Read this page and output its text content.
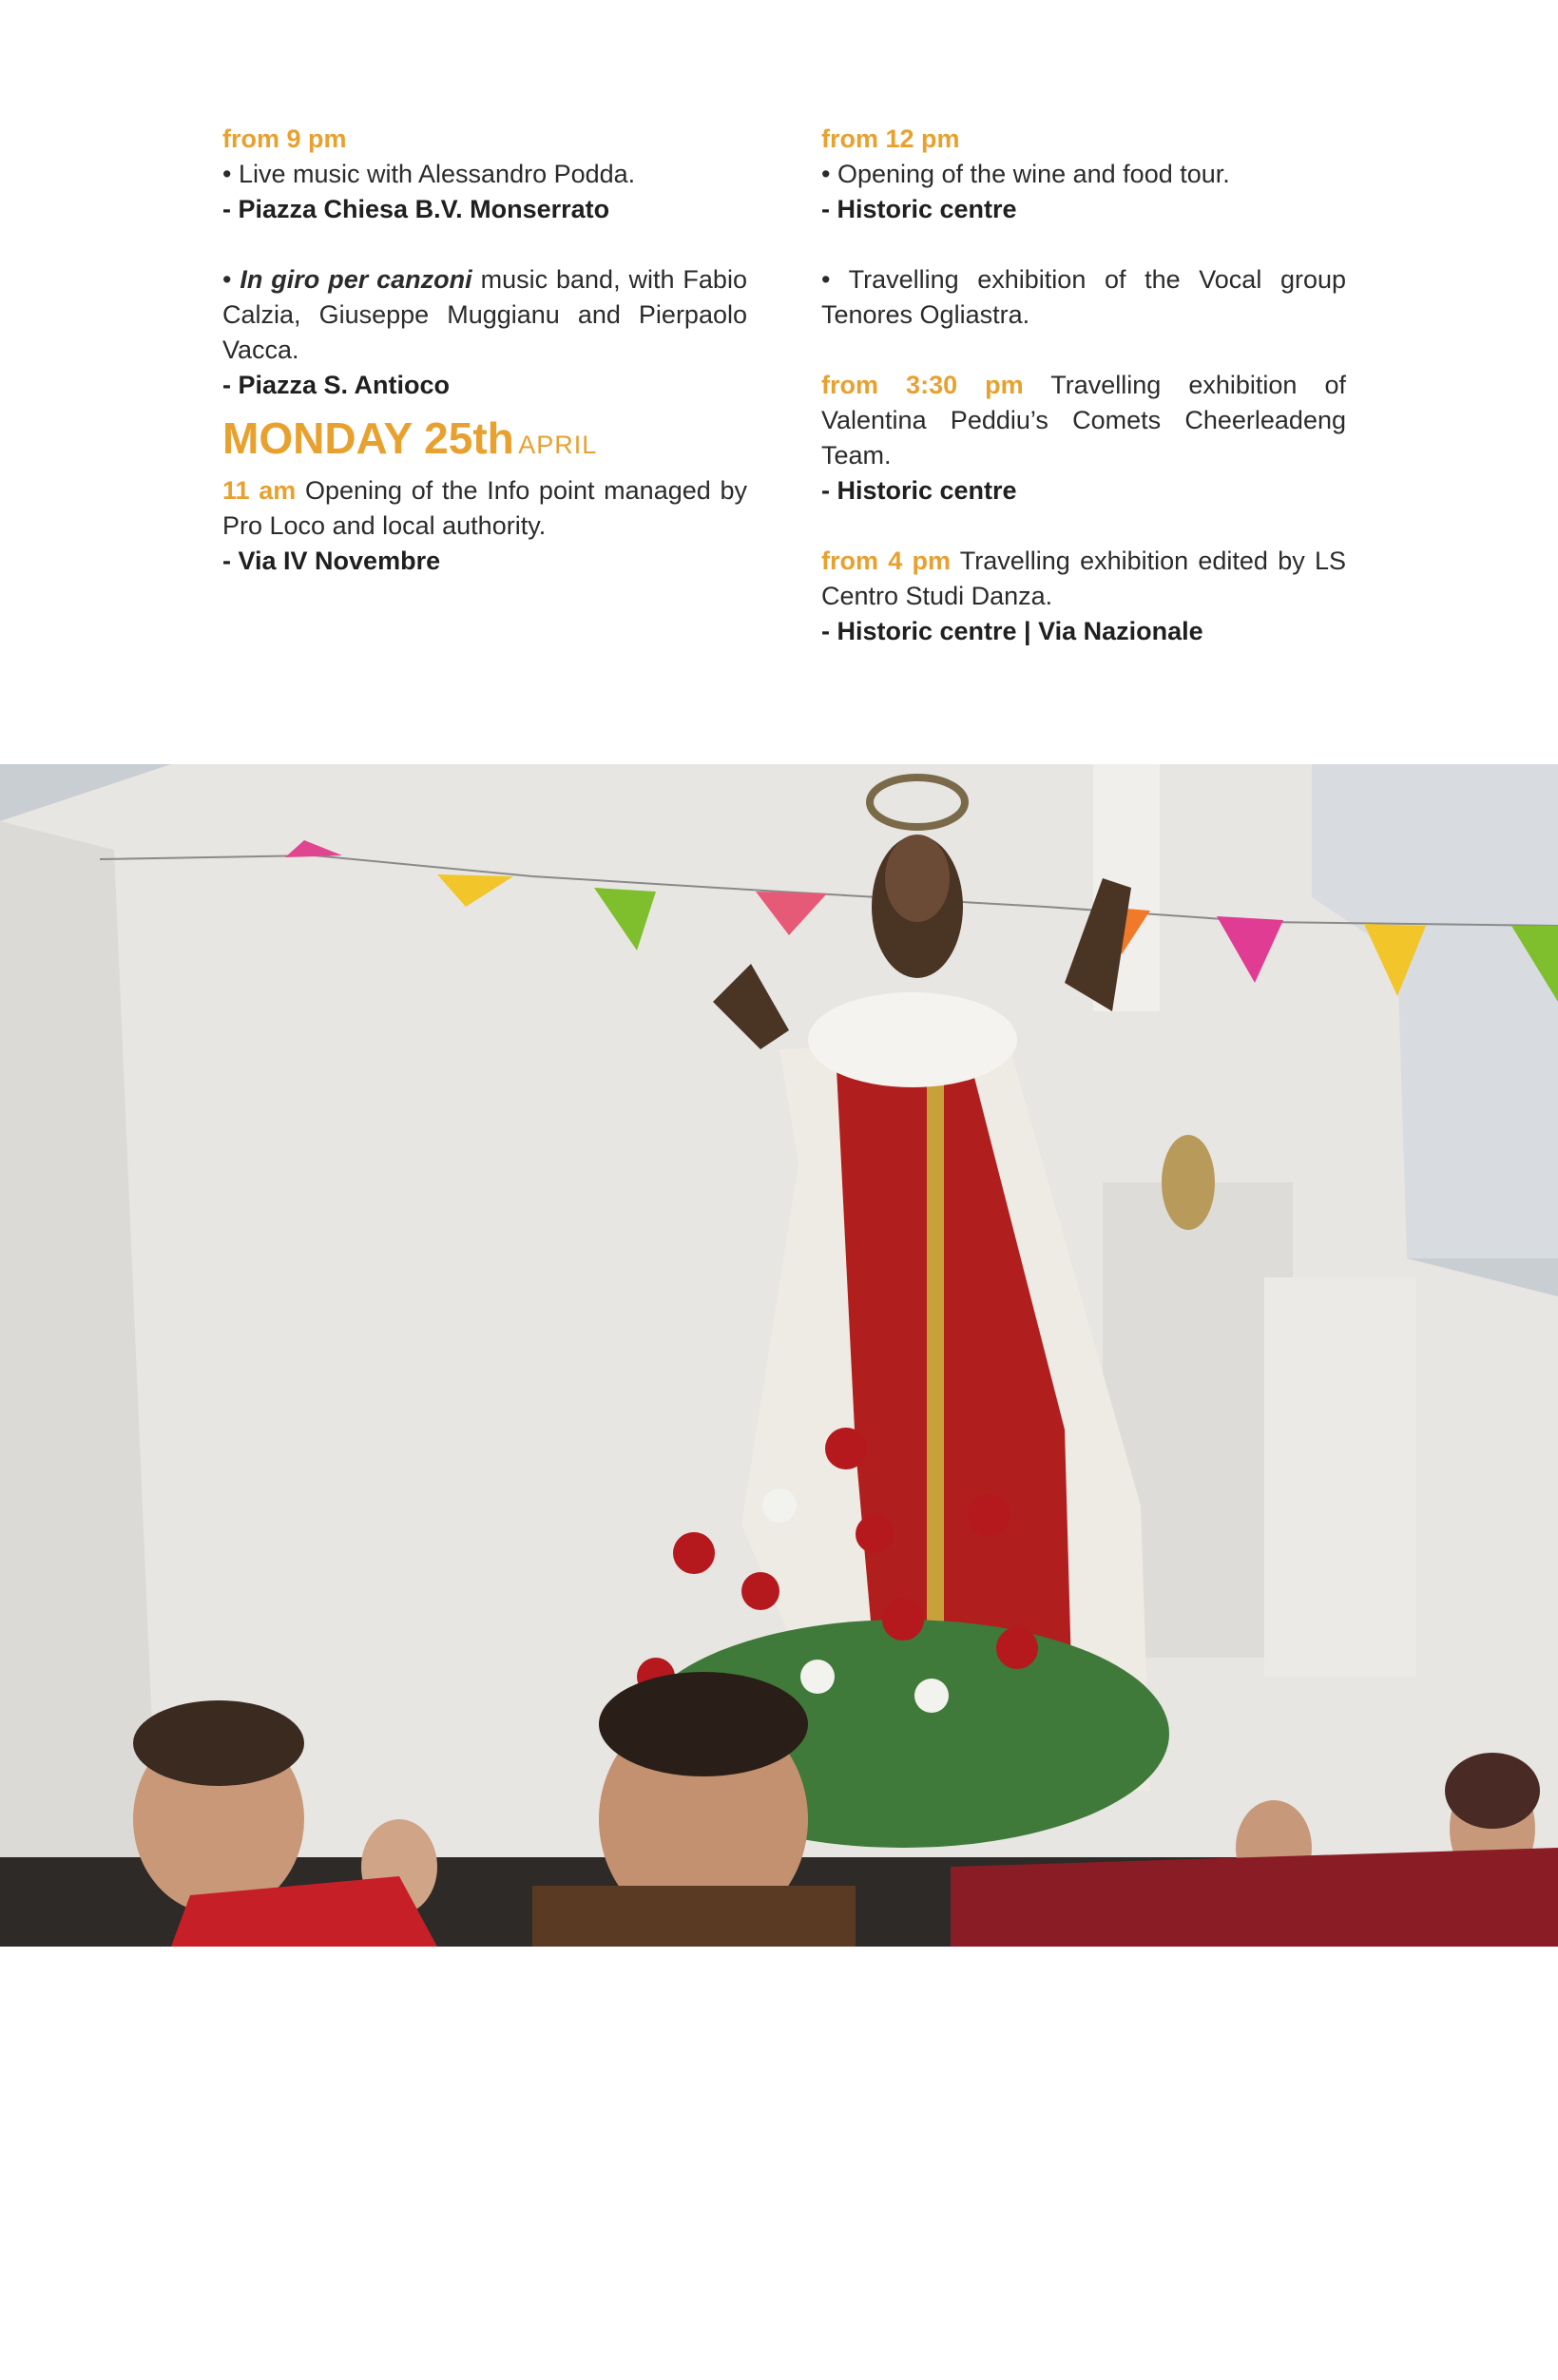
from 9 pm
• Live music with Alessandro Podda.
- Piazza Chiesa B.V. Monserrato
• In giro per canzoni music band, with Fabio Calzia, Giuseppe Muggianu and Pierpaolo Vacca.
- Piazza S. Antioco
MONDAY 25th APRIL
11 am Opening of the Info point managed by Pro Loco and local authority.
- Via IV Novembre
from 12 pm
• Opening of the wine and food tour.
- Historic centre
• Travelling exhibition of the Vocal group Tenores Ogliastra.
from 3:30 pm Travelling exhibition of Valentina Peddiu’s Comets Cheerleadeng Team.
- Historic centre
from 4 pm Travelling exhibition edited by LS Centro Studi Danza.
- Historic centre | Via Nazionale
Archivio Comune di Girasole
